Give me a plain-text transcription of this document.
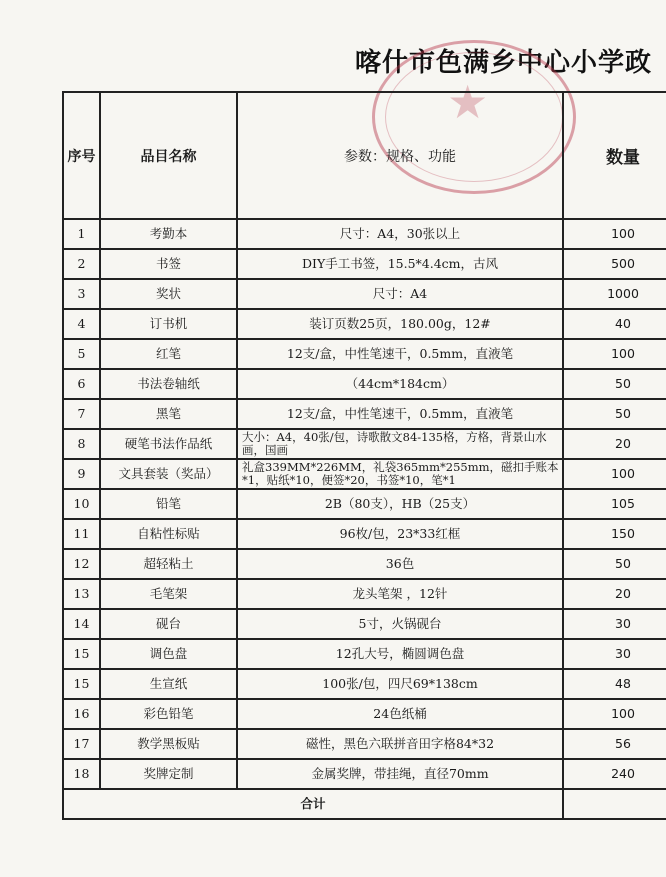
喀什市色满乡中心小学政
★
序号	品目名称	参数：规格、功能	数量
1	考勤本	尺寸：A4，30张以上	100
2	书签	DIY手工书签，15.5*4.4cm，古风	500
3	奖状	尺寸：A4	1000
4	订书机	装订页数25页，180.00g，12#	40
5	红笔	12支/盒，中性笔速干，0.5mm，直液笔	100
6	书法卷轴纸	（44cm*184cm）	50
7	黑笔	12支/盒，中性笔速干，0.5mm，直液笔	50
8	硬笔书法作品纸	大小：A4，40张/包，诗歌散文84-135格，方格，背景山水画，国画	20
9	文具套装（奖品）	礼盒339MM*226MM，礼袋365mm*255mm，磁扣手账本*1，贴纸*10，便签*20，书签*10，笔*1	100
10	铅笔	2B（80支），HB（25支）	105
11	自粘性标贴	96枚/包，23*33红框	150
12	超轻粘土	36色	50
13	毛笔架	龙头笔架 ，12针	20
14	砚台	5寸，火锅砚台	30
15	调色盘	12孔大号，椭圆调色盘	30
15	生宣纸	100张/包，四尺69*138cm	48
16	彩色铅笔	24色纸桶	100
17	教学黑板贴	磁性，黑色六联拼音田字格84*32	56
18	奖牌定制	金属奖牌，带挂绳，直径70mm	240
合计			
